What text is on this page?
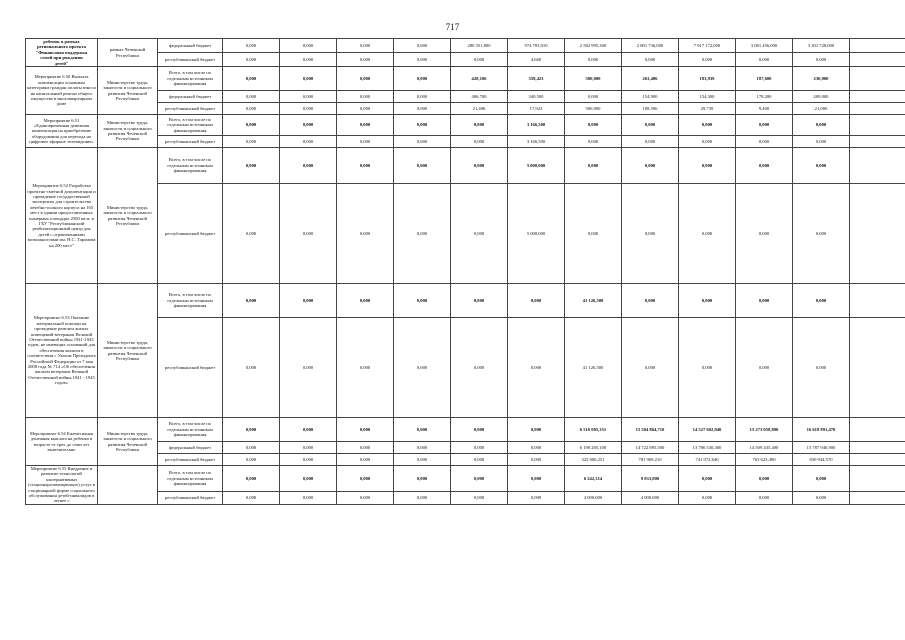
717
ребенок в рамках
регионального проекта
"Финансовая поддержка
семей при рождении
детей"	рамках Чеченской Республики	федеральный бюджет	0,000	0,000	0,000	0,000	280 351,800	974 783,910	2 582 995,300	2 801 736,000	7 917 172,000	3 081 456,000	3 301 728,000	
		республиканский бюджет	0,000	0,000	0,000	0,000	0,000	4,660	0,000	0,000	0,000	0,000	0,000	
Мероприятие 6.50 Выплата компенсации основным категориям граждан оплаты взноса на капитальный ремонт общего имущества в многоквартирном доме	Министерство труда, занятости и социального развития Чеченской Республики	Всего, в том числе по отдельным источникам финансирования	0,000	0,000	0,000	0,000	428,106	358,423	500,000	263,406	183,939	187,600	230,000	
		федеральный бюджет	0,000	0,000	0,000	0,000	406,700	340,500	0,000	154,900	154,300	178,200	209,000	
		республиканский бюджет	0,000	0,000	0,000	0,000	21,406	17,923	500,000	108,506	29,739	9,400	21,000	
Мероприятие 6.51 «Единовременная денежная компенсация на приобретение оборудования для перехода на цифровое эфирное телевидение»	Министерство труда, занятости и социального развития Чеченской Республики	Всего, в том числе по отдельным источникам финансирования	0,000	0,000	0,000	0,000	0,000	3 166,500	0,000	0,000	0,000	0,000	0,000	
		республиканский бюджет	0,000	0,000	0,000	0,000	0,000	3 166,500	0,000	0,000	0,000	0,000	0,000	
Мероприятие 6.52 Разработка проектно-сметной документации и проведение государственной экспертизы для строительства лечебно-полного корпуса на 165 мест в здании предоставленных номерных площадях 2500 кв.м. в ГБУ "Республиканский реабилитационный центр для детей с ограниченными возможностями им. Н.С. Тарамова на 200 мест"	Министерство труда, занятости и социального развития Чеченской Республики	Всего, в том числе по отдельным источникам финансирования	0,000	0,000	0,000	0,000	0,000	5 000,000	0,000	0,000	0,000	0,000	0,000	
		республиканский бюджет	0,000	0,000	0,000	0,000	0,000	5 000,000	0,000	0,000	0,000	0,000	0,000	
Мероприятие 6.53 Оказание материальной помощи на проведение ремонта жилых помещений ветеранам Великой Отечественной войны 1941-1945 годов, не имеющих оснований для обеспечения жильем в соответствии с Указом Президента Российской Федерации от 7 мая 2008 года № 714 «Об обеспечении жильем ветеранов Великой Отечественной войны 1941 - 1945 годов»	Министерство труда, занятости и социального развития Чеченской Республики	Всего, в том числе по отдельным источникам финансирования	0,000	0,000	0,000	0,000	0,000	0,000	41 126,500	0,000	0,000	0,000	0,000	
		республиканский бюджет	0,000	0,000	0,000	0,000	0,000	0,000	41 126,500	0,000	0,000	0,000	0,000	
Мероприятие 6.54 Ежемесячная денежная выплата на ребенка в возрасте от трех до семи лет включительно	Министерство труда, занятости и социального развития Чеченской Республики	Всего, в том числе по отдельным источникам финансирования	0,000	0,000	0,000	0,000	0,000	0,000	6 516 005,351	15 504 864,710	14 527 602,940	15 273 058,890	16 618 891,470	
		федеральный бюджет	0,000	0,000	0,000	0,000	0,000	0,000	6 190 205,100	14 722 895,500	13 786 530,300	14 509 435,400	15 787 946,900	
		республиканский бюджет	0,000	0,000	0,000	0,000	0,000	0,000	325 800,251	781 969,210	741 072,640	763 623,490	830 944,570	
Мероприятие 6.55 Внедрение и развитие технологий альтернативных (стационарозамещающих) услуг в стационарной форме социального обслуживания детей-инвалидов в летнее с		Всего, в том числе по отдельным источникам финансирования	0,000	0,000	0,000	0,000	0,000	0,000	6 242,314	9 033,800	0,000	0,000	0,000	
		республиканский бюджет	0,000	0,000	0,000	0,000	0,000	0,000	2 000,000	4 000,000	0,000	0,000	0,000	
